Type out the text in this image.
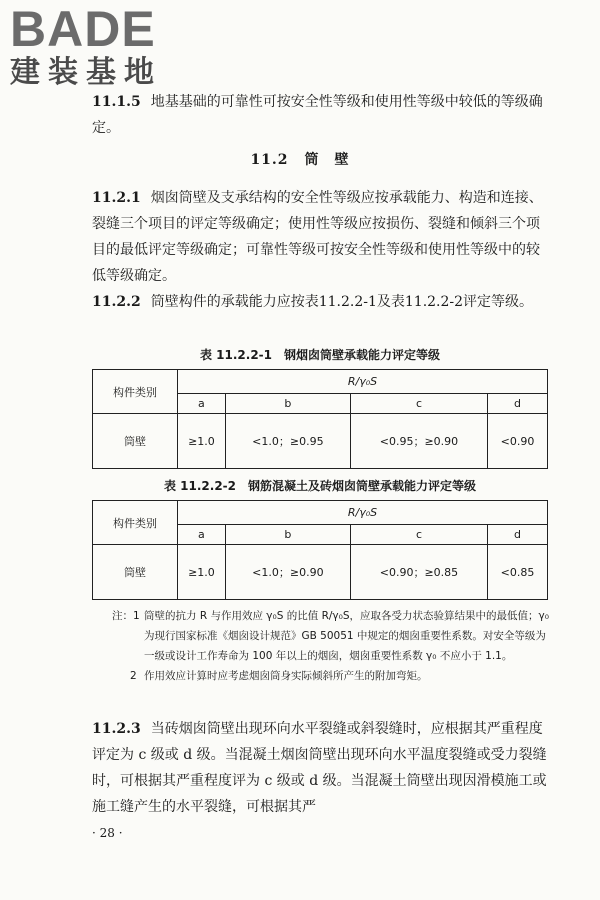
BADE
建装基地
11.1.5 地基基础的可靠性可按安全性等级和使用性等级中较低的等级确定。
11.2 筒　壁
11.2.1 烟囱筒壁及支承结构的安全性等级应按承载能力、构造和连接、裂缝三个项目的评定等级确定；使用性等级应按损伤、裂缝和倾斜三个项目的最低评定等级确定；可靠性等级可按安全性等级和使用性等级中的较低等级确定。
11.2.2 筒壁构件的承载能力应按表11.2.2-1及表11.2.2-2评定等级。
表 11.2.2-1　钢烟囱筒壁承载能力评定等级
构件类别	R/γ₀S			
	a	b	c	d
筒壁	≥1.0	<1.0；≥0.95	<0.95；≥0.90	<0.90
表 11.2.2-2　钢筋混凝土及砖烟囱筒壁承载能力评定等级
构件类别	R/γ₀S			
	a	b	c	d
筒壁	≥1.0	<1.0；≥0.90	<0.90；≥0.85	<0.85
注：1 筒壁的抗力 R 与作用效应 γ₀S 的比值 R/γ₀S，应取各受力状态验算结果中的最低值；γ₀为现行国家标准《烟囱设计规范》GB 50051 中规定的烟囱重要性系数。对安全等级为一级或设计工作寿命为 100 年以上的烟囱，烟囱重要性系数 γ₀ 不应小于 1.1。
2 作用效应计算时应考虑烟囱筒身实际倾斜所产生的附加弯矩。
11.2.3 当砖烟囱筒壁出现环向水平裂缝或斜裂缝时，应根据其严重程度评定为 c 级或 d 级。当混凝土烟囱筒壁出现环向水平温度裂缝或受力裂缝时，可根据其严重程度评为 c 级或 d 级。当混凝土筒壁出现因滑模施工或施工缝产生的水平裂缝，可根据其严
· 28 ·
